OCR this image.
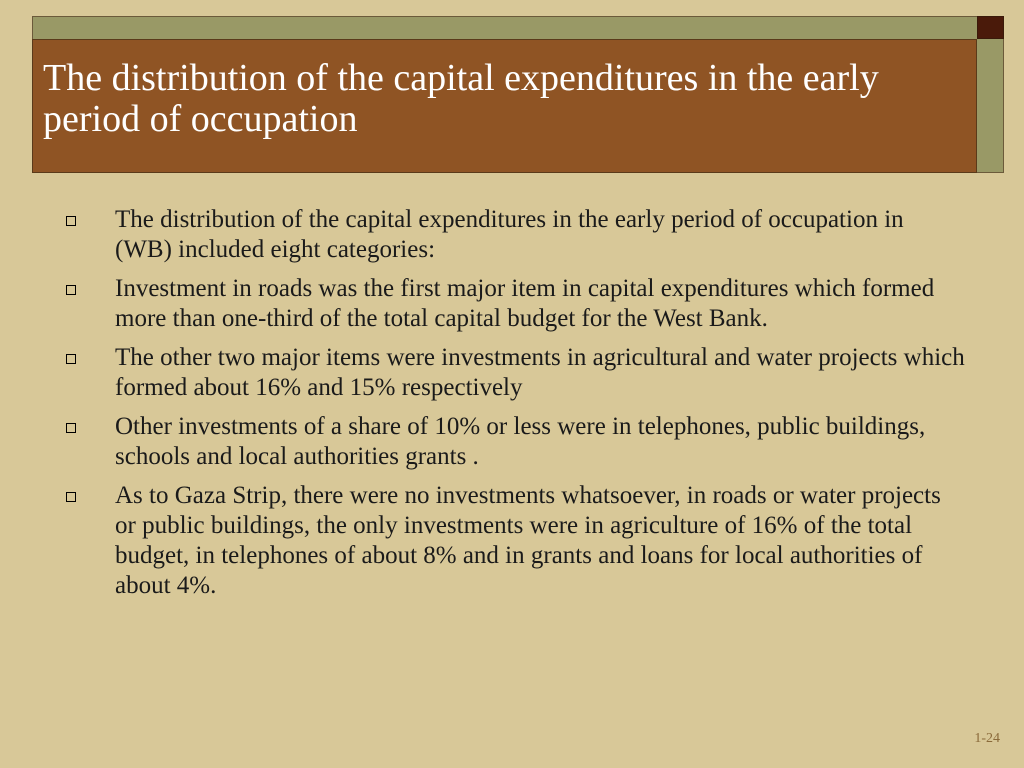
The distribution of the capital expenditures in the early period of occupation
The distribution of the capital expenditures in the early period of occupation in (WB) included eight categories:
Investment in roads was the first major item in capital expenditures which formed more than one-third of the total capital budget for the West Bank.
The other two major items were investments in agricultural and water projects which formed about 16% and 15% respectively
Other investments of a share of 10% or less were in telephones, public buildings, schools and local authorities grants .
As to Gaza Strip, there were no investments whatsoever, in roads or water projects or public buildings, the only investments were in agriculture of 16% of the total budget, in telephones of about 8% and in grants and loans for local authorities of about 4%.
1-24
